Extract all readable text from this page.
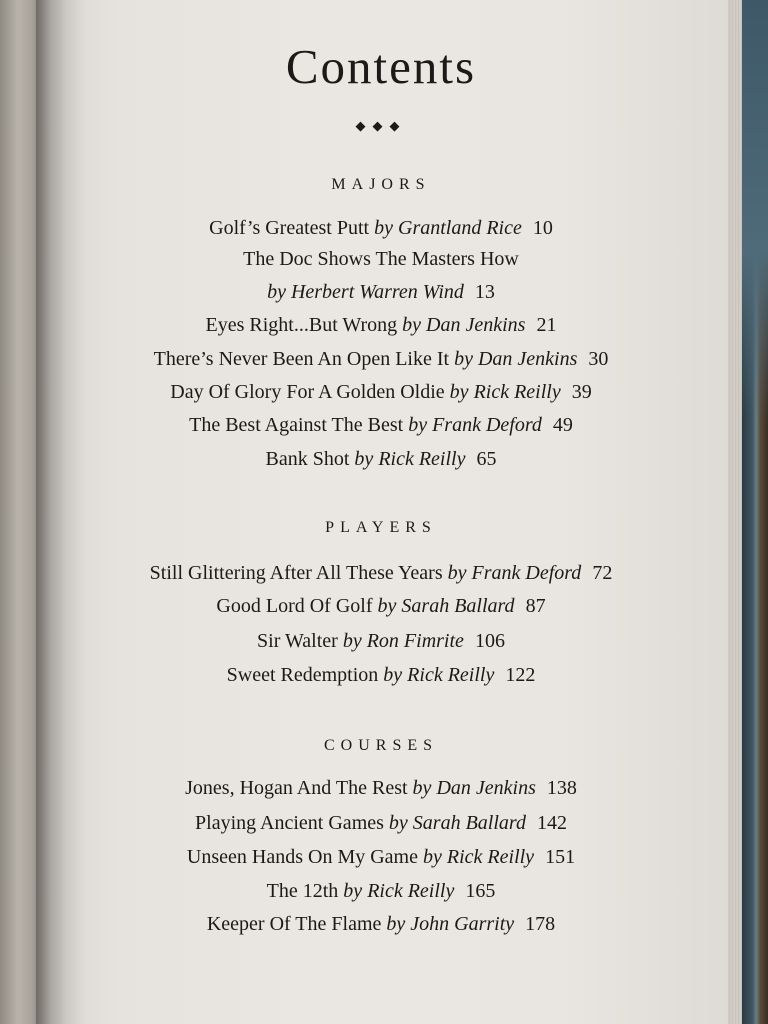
Contents
◆◆◆
MAJORS
Golf’s Greatest Putt by Grantland Rice 10
The Doc Shows The Masters How
by Herbert Warren Wind 13
Eyes Right...But Wrong by Dan Jenkins 21
There’s Never Been An Open Like It by Dan Jenkins 30
Day Of Glory For A Golden Oldie by Rick Reilly 39
The Best Against The Best by Frank Deford 49
Bank Shot by Rick Reilly 65
PLAYERS
Still Glittering After All These Years by Frank Deford 72
Good Lord Of Golf by Sarah Ballard 87
Sir Walter by Ron Fimrite 106
Sweet Redemption by Rick Reilly 122
COURSES
Jones, Hogan And The Rest by Dan Jenkins 138
Playing Ancient Games by Sarah Ballard 142
Unseen Hands On My Game by Rick Reilly 151
The 12th by Rick Reilly 165
Keeper Of The Flame by John Garrity 178
